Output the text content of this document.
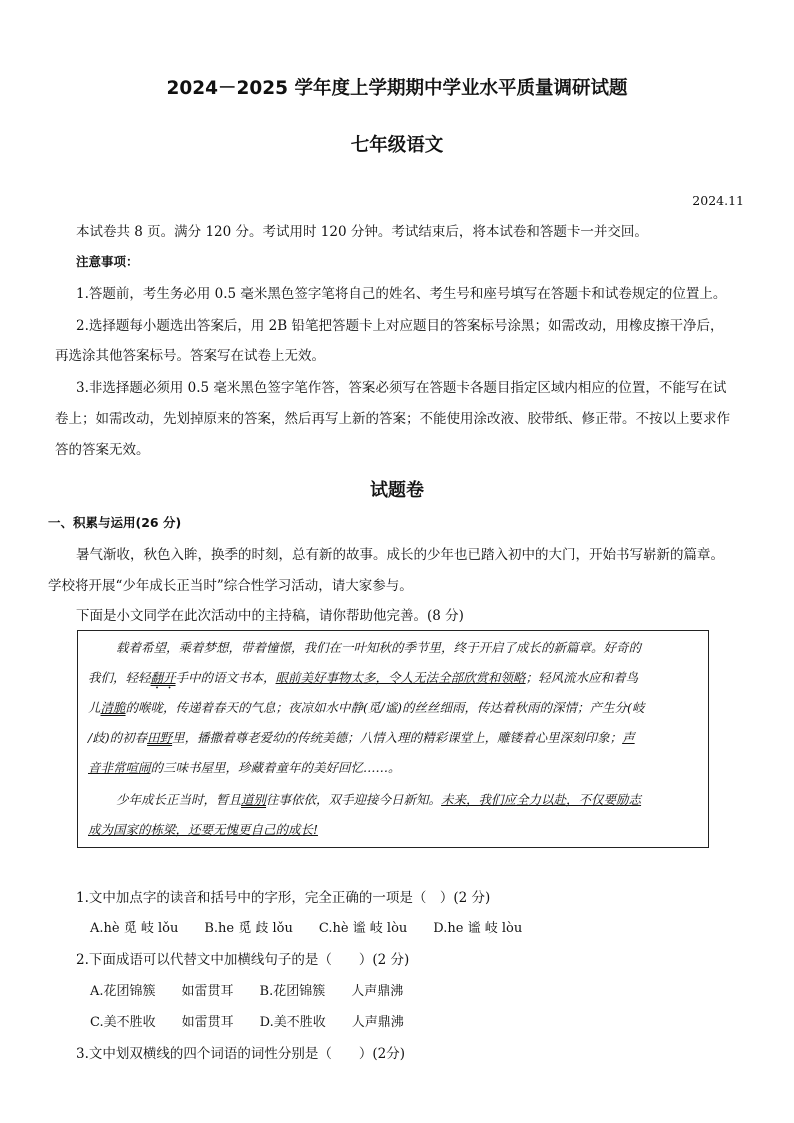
2024－2025 学年度上学期期中学业水平质量调研试题
七年级语文
2024.11
本试卷共 8 页。满分 120 分。考试用时 120 分钟。考试结束后，将本试卷和答题卡一并交回。
注意事项：
1.答题前，考生务必用 0.5 毫米黑色签字笔将自己的姓名、考生号和座号填写在答题卡和试卷规定的位置上。
2.选择题每小题选出答案后，用 2B 铅笔把答题卡上对应题目的答案标号涂黑；如需改动，用橡皮擦干净后，
再选涂其他答案标号。答案写在试卷上无效。
3.非选择题必须用 0.5 毫米黑色签字笔作答，答案必须写在答题卡各题目指定区域内相应的位置，不能写在试
卷上；如需改动，先划掉原来的答案，然后再写上新的答案；不能使用涂改液、胶带纸、修正带。不按以上要求作
答的答案无效。
试题卷
一、积累与运用(26 分)
暑气渐收，秋色入眸，换季的时刻，总有新的故事。成长的少年也已踏入初中的大门，开始书写崭新的篇章。
学校将开展“少年成长正当时”综合性学习活动，请大家参与。
下面是小文同学在此次活动中的主持稿，请你帮助他完善。(8 分)
载着希望，乘着梦想，带着憧憬，我们在一叶知秋的季节里，终于开启了成长的新篇章。好奇的
我们，轻轻翻开手中的语文书本，眼前美好事物太多，令人无法全部欣赏和领略；轻风流水应和着鸟
儿清脆的喉咙，传递着春天的气息；夜凉如水中静(觅/谧)的丝丝细雨，传达着秋雨的深情；产生分(岐
/歧)的初春田野里，播撒着尊老爱幼的传统美德；八情入理的精彩课堂上，雕镂着心里深刻印象；声
音非常喧闹的三味书屋里，珍藏着童年的美好回忆……。
少年成长正当时，暂且道别往事依依，双手迎接今日新知。未来，我们应全力以赴，不仅要励志
成为国家的栋梁，还要无愧更自己的成长!
1.文中加点字的读音和括号中的字形，完全正确的一项是（　）(2 分)
A.hè 觅 岐 lǒu　　B.he 觅 歧 lǒu　　C.hè 谧 岐 lòu　　D.he 谧 岐 lòu
2.下面成语可以代替文中加横线句子的是（　　）(2 分)
A.花团锦簇　　如雷贯耳　　B.花团锦簇　　人声鼎沸
C.美不胜收　　如雷贯耳　　D.美不胜收　　人声鼎沸
3.文中划双横线的四个词语的词性分别是（　　）(2分)
